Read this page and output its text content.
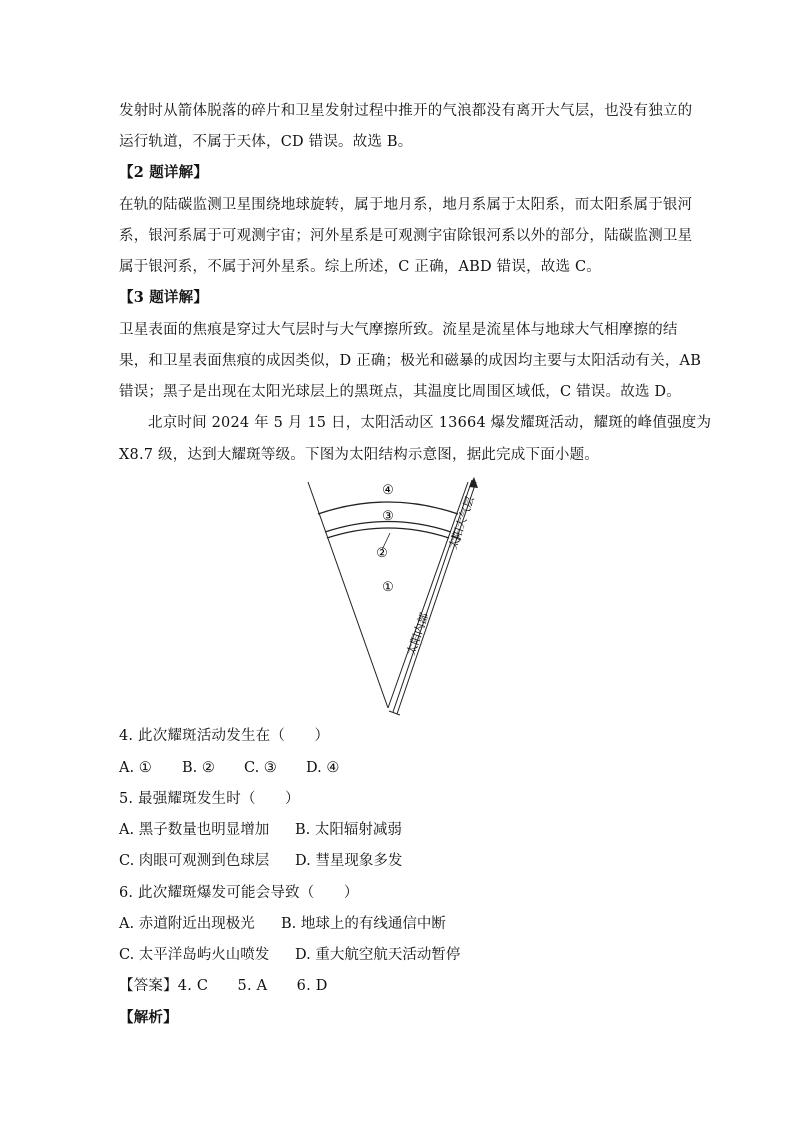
发射时从箭体脱落的碎片和卫星发射过程中推开的气浪都没有离开大气层，也没有独立的
运行轨道，不属于天体，CD 错误。故选 B。
【2 题详解】
在轨的陆碳监测卫星围绕地球旋转，属于地月系，地月系属于太阳系，而太阳系属于银河
系，银河系属于可观测宇宙；河外星系是可观测宇宙除银河系以外的部分，陆碳监测卫星
属于银河系，不属于河外星系。综上所述，C 正确，ABD 错误，故选 C。
【3 题详解】
卫星表面的焦痕是穿过大气层时与大气摩擦所致。流星是流星体与地球大气相摩擦的结
果，和卫星表面焦痕的成因类似，D 正确；极光和磁暴的成因均主要与太阳活动有关，AB
错误；黑子是出现在太阳光球层上的黑斑点，其温度比周围区域低，C 错误。故选 D。
北京时间 2024 年 5 月 15 日，太阳活动区 13664 爆发耀斑活动，耀斑的峰值强度为
X8.7 级，达到大耀斑等级。下图为太阳结构示意图，据此完成下面小题。
④
③
②
①
太阳大气层
太阳内部
4. 此次耀斑活动发生在（　　）
A. ① B. ② C. ③ D. ④
5. 最强耀斑发生时（　　）
A. 黑子数量也明显增加 B. 太阳辐射减弱
C. 肉眼可观测到色球层 D. 彗星现象多发
6. 此次耀斑爆发可能会导致（　　）
A. 赤道附近出现极光 B. 地球上的有线通信中断
C. 太平洋岛屿火山喷发 D. 重大航空航天活动暂停
【答案】4. C　　5. A　　6. D
【解析】
